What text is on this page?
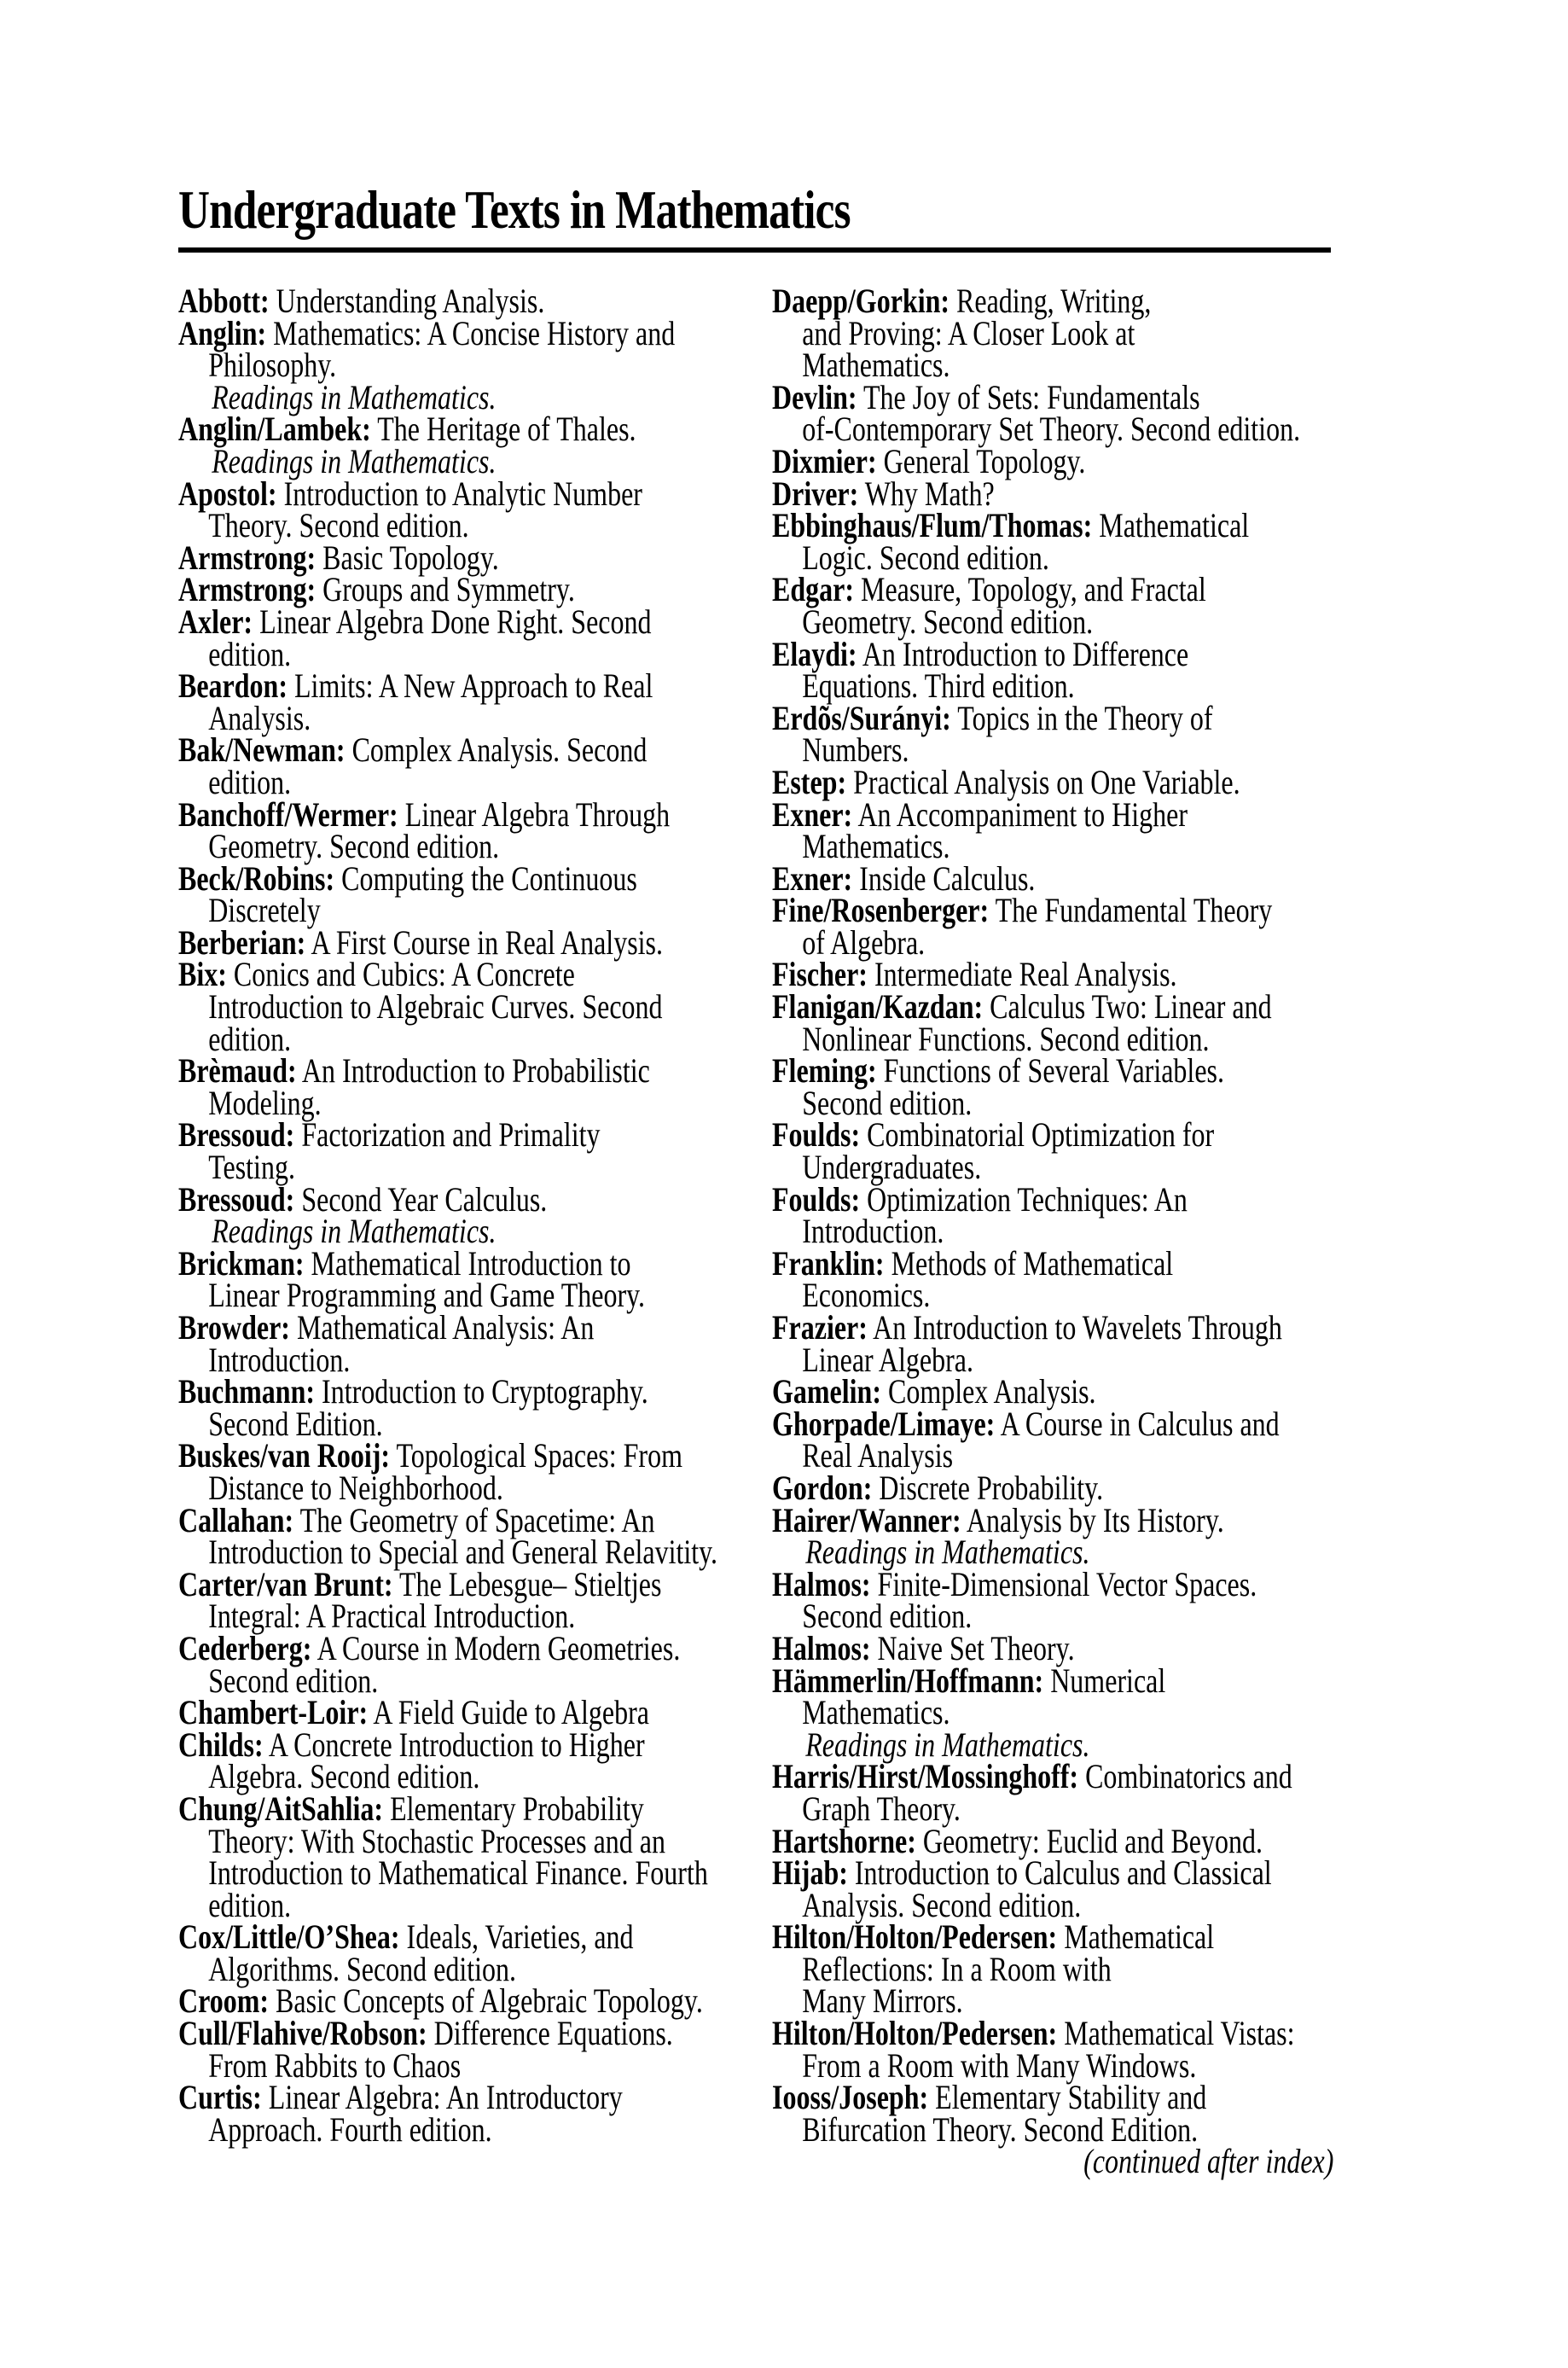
Undergraduate Texts in Mathematics
Abbott: Understanding Analysis.
Anglin: Mathematics: A Concise History and
Philosophy.
Readings in Mathematics.
Anglin/Lambek: The Heritage of Thales.
Readings in Mathematics.
Apostol: Introduction to Analytic Number
Theory. Second edition.
Armstrong: Basic Topology.
Armstrong: Groups and Symmetry.
Axler: Linear Algebra Done Right. Second
edition.
Beardon: Limits: A New Approach to Real
Analysis.
Bak/Newman: Complex Analysis. Second
edition.
Banchoff/Wermer: Linear Algebra Through
Geometry. Second edition.
Beck/Robins: Computing the Continuous
Discretely
Berberian: A First Course in Real Analysis.
Bix: Conics and Cubics: A Concrete
Introduction to Algebraic Curves. Second
edition.
Brèmaud: An Introduction to Probabilistic
Modeling.
Bressoud: Factorization and Primality
Testing.
Bressoud: Second Year Calculus.
Readings in Mathematics.
Brickman: Mathematical Introduction to
Linear Programming and Game Theory.
Browder: Mathematical Analysis: An
Introduction.
Buchmann: Introduction to Cryptography.
Second Edition.
Buskes/van Rooij: Topological Spaces: From
Distance to Neighborhood.
Callahan: The Geometry of Spacetime: An
Introduction to Special and General Relavitity.
Carter/van Brunt: The Lebesgue– Stieltjes
Integral: A Practical Introduction.
Cederberg: A Course in Modern Geometries.
Second edition.
Chambert-Loir: A Field Guide to Algebra
Childs: A Concrete Introduction to Higher
Algebra. Second edition.
Chung/AitSahlia: Elementary Probability
Theory: With Stochastic Processes and an
Introduction to Mathematical Finance. Fourth
edition.
Cox/Little/O’Shea: Ideals, Varieties, and
Algorithms. Second edition.
Croom: Basic Concepts of Algebraic Topology.
Cull/Flahive/Robson: Difference Equations.
From Rabbits to Chaos
Curtis: Linear Algebra: An Introductory
Approach. Fourth edition.
Daepp/Gorkin: Reading, Writing,
and Proving: A Closer Look at
Mathematics.
Devlin: The Joy of Sets: Fundamentals
of-Contemporary Set Theory. Second edition.
Dixmier: General Topology.
Driver: Why Math?
Ebbinghaus/Flum/Thomas: Mathematical
Logic. Second edition.
Edgar: Measure, Topology, and Fractal
Geometry. Second edition.
Elaydi: An Introduction to Difference
Equations. Third edition.
Erdõs/Surányi: Topics in the Theory of
Numbers.
Estep: Practical Analysis on One Variable.
Exner: An Accompaniment to Higher
Mathematics.
Exner: Inside Calculus.
Fine/Rosenberger: The Fundamental Theory
of Algebra.
Fischer: Intermediate Real Analysis.
Flanigan/Kazdan: Calculus Two: Linear and
Nonlinear Functions. Second edition.
Fleming: Functions of Several Variables.
Second edition.
Foulds: Combinatorial Optimization for
Undergraduates.
Foulds: Optimization Techniques: An
Introduction.
Franklin: Methods of Mathematical
Economics.
Frazier: An Introduction to Wavelets Through
Linear Algebra.
Gamelin: Complex Analysis.
Ghorpade/Limaye: A Course in Calculus and
Real Analysis
Gordon: Discrete Probability.
Hairer/Wanner: Analysis by Its History.
Readings in Mathematics.
Halmos: Finite-Dimensional Vector Spaces.
Second edition.
Halmos: Naive Set Theory.
Hämmerlin/Hoffmann: Numerical
Mathematics.
Readings in Mathematics.
Harris/Hirst/Mossinghoff: Combinatorics and
Graph Theory.
Hartshorne: Geometry: Euclid and Beyond.
Hijab: Introduction to Calculus and Classical
Analysis. Second edition.
Hilton/Holton/Pedersen: Mathematical
Reflections: In a Room with
Many Mirrors.
Hilton/Holton/Pedersen: Mathematical Vistas:
From a Room with Many Windows.
Iooss/Joseph: Elementary Stability and
Bifurcation Theory. Second Edition.
(continued after index)
